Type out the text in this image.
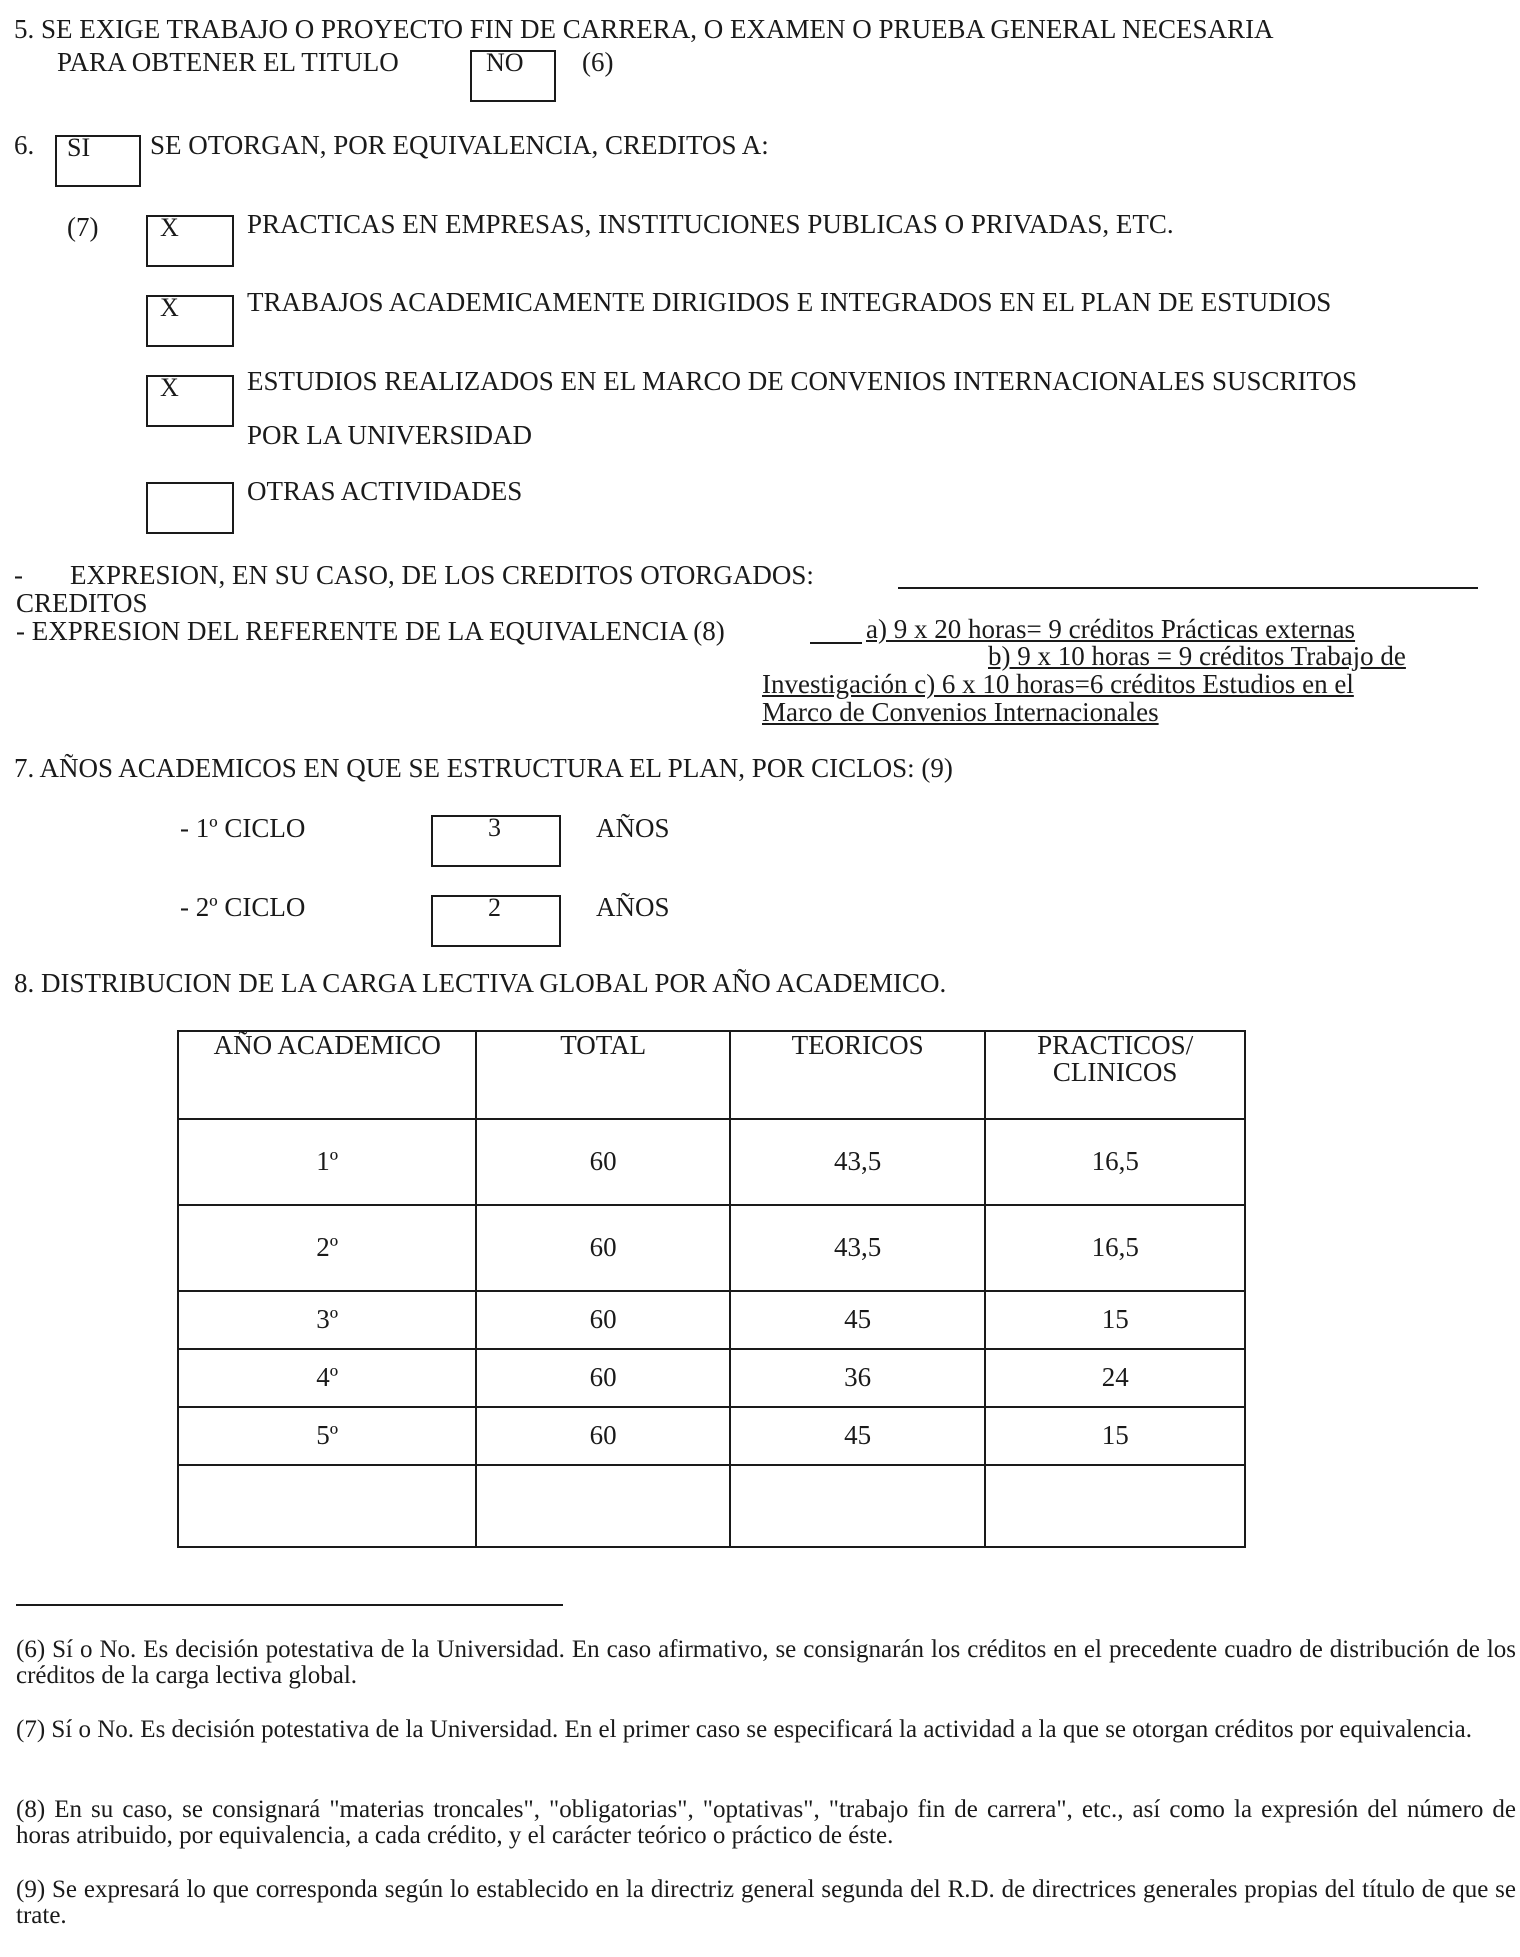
5. SE EXIGE TRABAJO O PROYECTO FIN DE CARRERA, O EXAMEN O PRUEBA GENERAL NECESARIA
PARA OBTENER EL TITULO	NO (6)
6. SI SE OTORGAN, POR EQUIVALENCIA, CREDITOS A:
(7) X	PRACTICAS EN EMPRESAS, INSTITUCIONES PUBLICAS O PRIVADAS, ETC.
X	TRABAJOS ACADEMICAMENTE DIRIGIDOS E INTEGRADOS EN EL PLAN DE ESTUDIOS
X	ESTUDIOS REALIZADOS EN EL MARCO DE CONVENIOS INTERNACIONALES SUSCRITOS
POR LA UNIVERSIDAD
OTRAS ACTIVIDADES
- EXPRESION, EN SU CASO, DE LOS CREDITOS OTORGADOS:
CREDITOS
- EXPRESION DEL REFERENTE DE LA EQUIVALENCIA (8)	a) 9 x 20 horas= 9 créditos Prácticas externas
b) 9 x 10 horas = 9 créditos Trabajo de
Investigación c) 6 x 10 horas=6 créditos Estudios en el
Marco de Convenios Internacionales
7. AÑOS ACADEMICOS EN QUE SE ESTRUCTURA EL PLAN, POR CICLOS: (9)
- 1º CICLO	3	AÑOS
- 2º CICLO	2	AÑOS
8. DISTRIBUCION DE LA CARGA LECTIVA GLOBAL POR AÑO ACADEMICO.
AÑO ACADEMICO	TOTAL	TEORICOS	PRACTICOS/
CLINICOS
1º	60	43,5	16,5
2º	60	43,5	16,5
3º	60	45	15
4º	60	36	24
5º	60	45	15

(6) Sí o No. Es decisión potestativa de la Universidad. En caso afirmativo, se consignarán los créditos en el precedente cuadro de distribución de los créditos de la carga lectiva global.
(7) Sí o No. Es decisión potestativa de la Universidad. En el primer caso se especificará la actividad a la que se otorgan créditos por equivalencia.
(8) En su caso, se consignará "materias troncales", "obligatorias", "optativas", "trabajo fin de carrera", etc., así como la expresión del número de horas atribuido, por equivalencia, a cada crédito, y el carácter teórico o práctico de éste.
(9) Se expresará lo que corresponda según lo establecido en la directriz general segunda del R.D. de directrices generales propias del título de que se trate.
